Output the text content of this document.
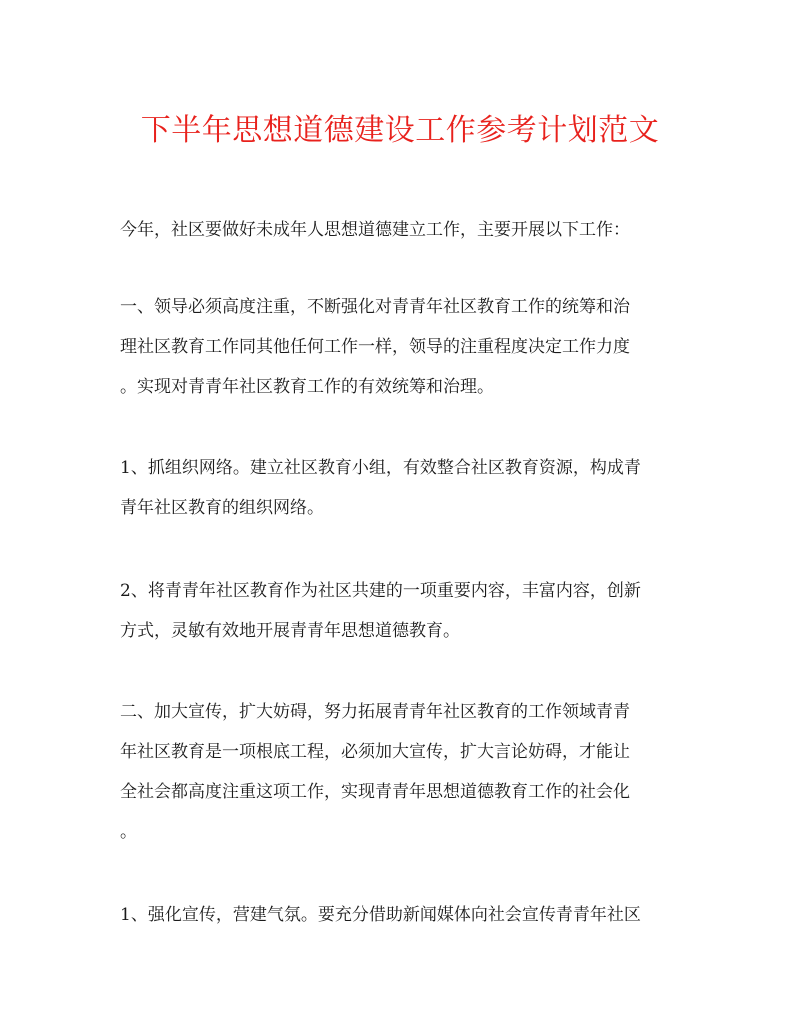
下半年思想道德建设工作参考计划范文
今年，社区要做好未成年人思想道德建立工作，主要开展以下工作：
一、领导必须高度注重，不断强化对青青年社区教育工作的统筹和治
理社区教育工作同其他任何工作一样，领导的注重程度决定工作力度
。实现对青青年社区教育工作的有效统筹和治理。
1、抓组织网络。建立社区教育小组，有效整合社区教育资源，构成青
青年社区教育的组织网络。
2、将青青年社区教育作为社区共建的一项重要内容，丰富内容，创新
方式，灵敏有效地开展青青年思想道德教育。
二、加大宣传，扩大妨碍，努力拓展青青年社区教育的工作领域青青
年社区教育是一项根底工程，必须加大宣传，扩大言论妨碍，才能让
全社会都高度注重这项工作，实现青青年思想道德教育工作的社会化
。
1、强化宣传，营建气氛。要充分借助新闻媒体向社会宣传青青年社区
